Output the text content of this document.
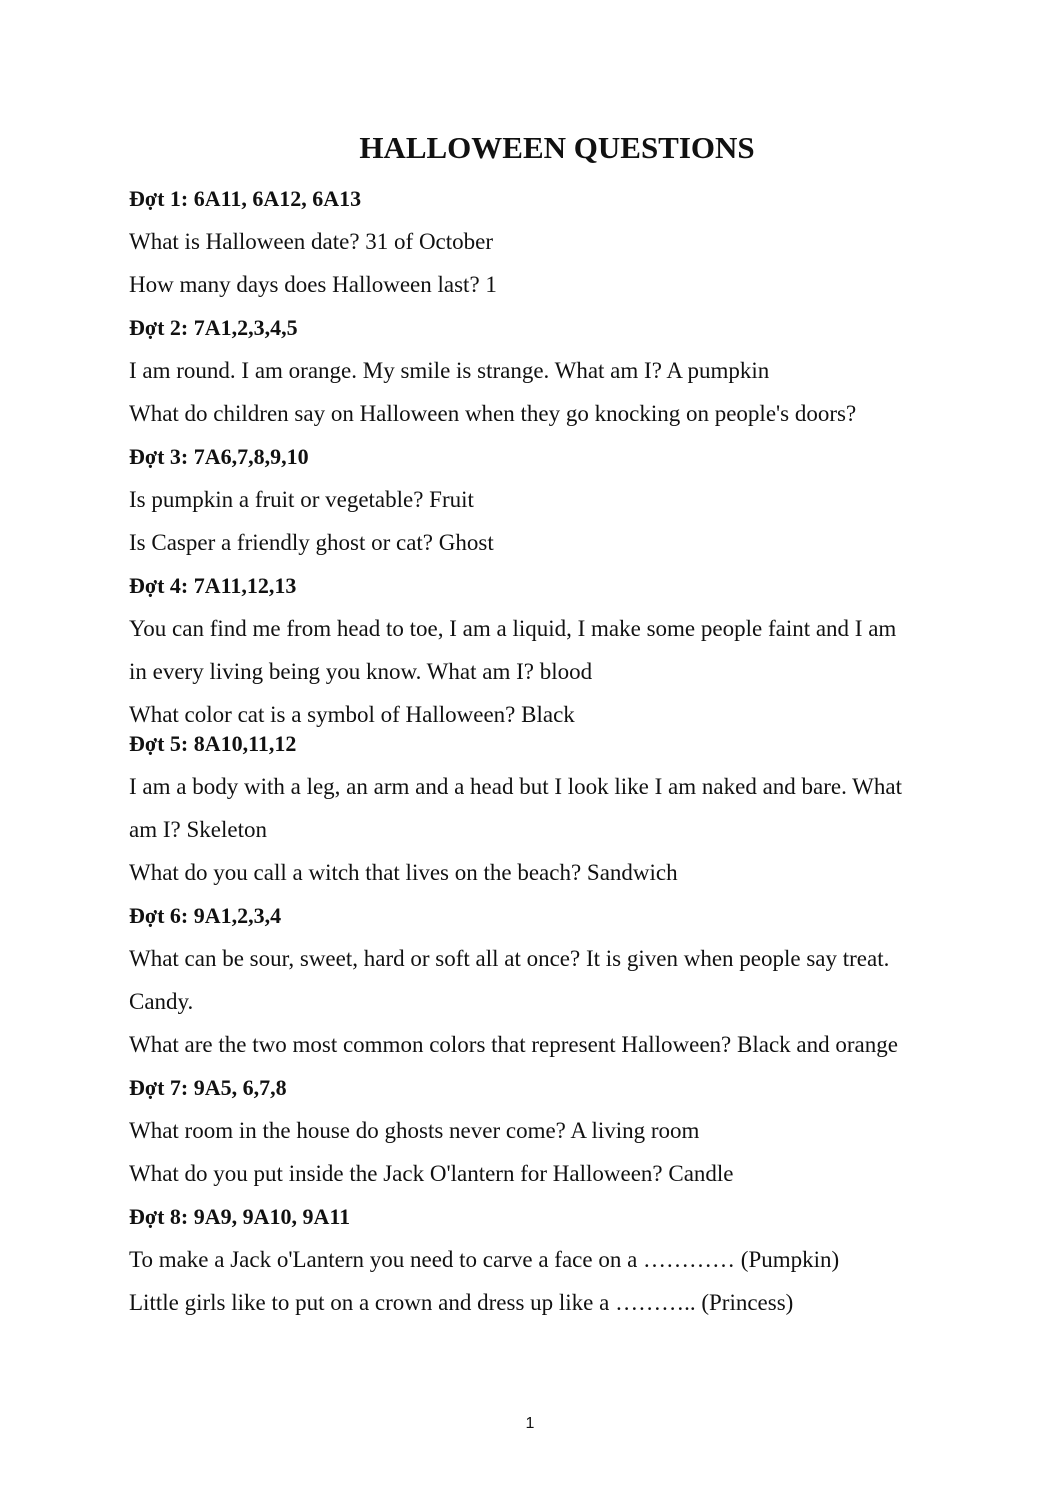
HALLOWEEN QUESTIONS
Đợt 1: 6A11, 6A12, 6A13
What is Halloween date? 31 of October
How many days does Halloween last? 1
Đợt 2: 7A1,2,3,4,5
I am round. I am orange. My smile is strange. What am I? A pumpkin
What do children say on Halloween when they go knocking on people's doors?
Đợt 3: 7A6,7,8,9,10
Is pumpkin a fruit or vegetable? Fruit
Is Casper a friendly ghost or cat? Ghost
Đợt 4: 7A11,12,13
You can find me from head to toe, I am a liquid, I make some people faint and I am
in every living being you know. What am I? blood
What color cat is a symbol of Halloween? Black
Đợt 5: 8A10,11,12
I am a body with a leg, an arm and a head but I look like I am naked and bare. What
am I? Skeleton
What do you call a witch that lives on the beach? Sandwich
Đợt 6: 9A1,2,3,4
What can be sour, sweet, hard or soft all at once? It is given when people say treat.
Candy.
What are the two most common colors that represent Halloween? Black and orange
Đợt 7: 9A5, 6,7,8
What room in the house do ghosts never come? A living room
What do you put inside the Jack O'lantern for Halloween? Candle
Đợt 8: 9A9, 9A10, 9A11
To make a Jack o'Lantern you need to carve a face on a ………… (Pumpkin)
Little girls like to put on a crown and dress up like a ……….. (Princess)
1
